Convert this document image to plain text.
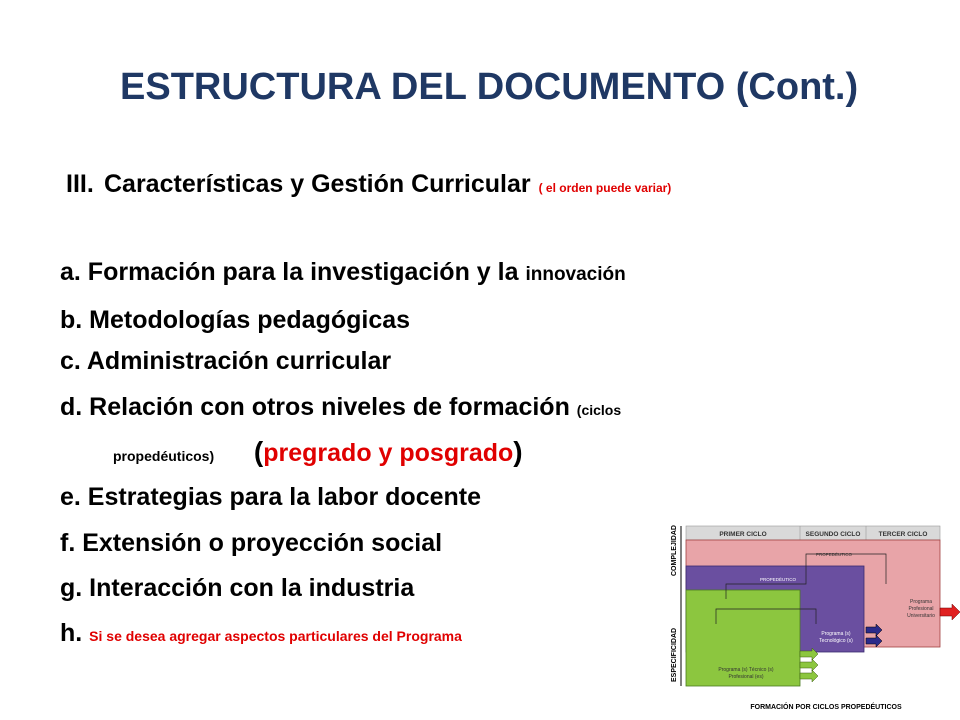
ESTRUCTURA DEL DOCUMENTO (Cont.)
III. Características y Gestión Curricular ( el orden puede variar)
a. Formación para la investigación y la innovación
b. Metodologías pedagógicas
c. Administración curricular
d. Relación con otros niveles de formación (ciclos
propedéuticos) (pregrado y posgrado)
e. Estrategias para la labor docente
f. Extensión o proyección social
g. Interacción con la industria
h. Si se desea agregar aspectos particulares del Programa
COMPLEJIDAD
ESPECIFICIDAD
PRIMER CICLO	SEGUNDO CICLO	TERCER CICLO
PROPEDÉUTICO
Programa
Profesional
Universitario
PROPEDÉUTICO
Programa (s)
Tecnológico (s)
Programa (s) Técnico (s)
Profesional (es)
FORMACIÓN POR CICLOS PROPEDÉUTICOS
